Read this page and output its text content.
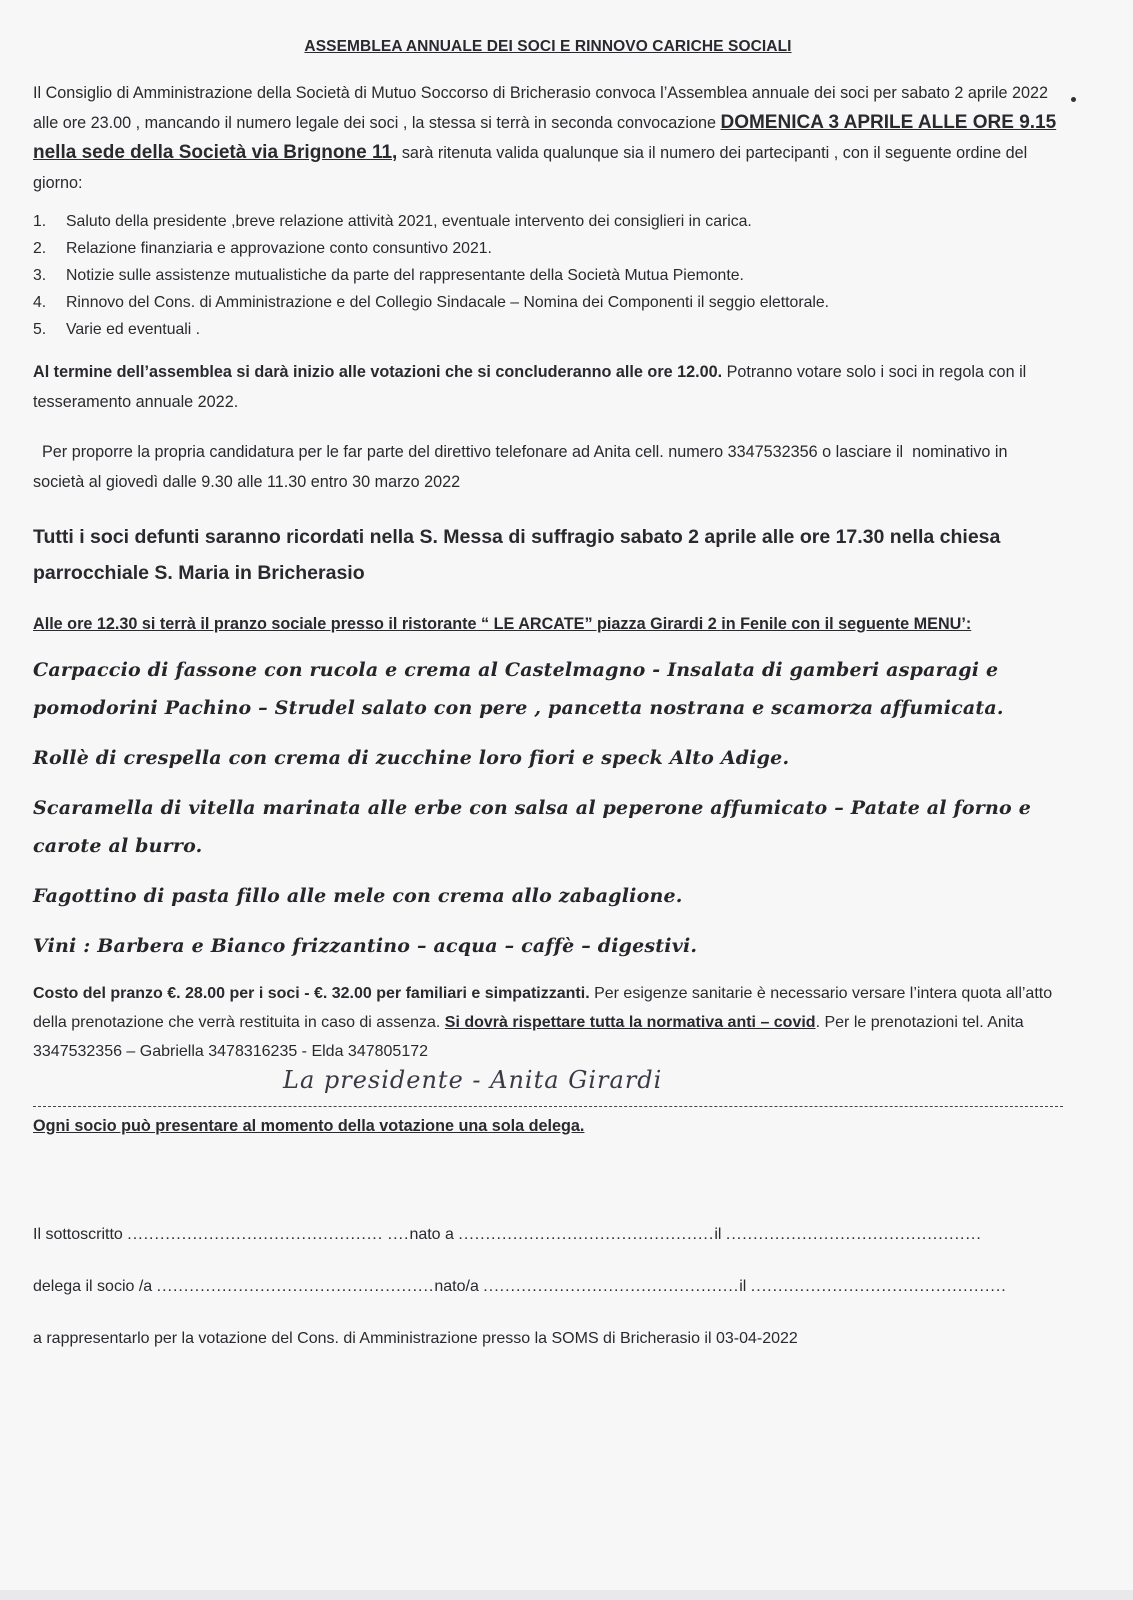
ASSEMBLEA ANNUALE DEI SOCI E RINNOVO CARICHE SOCIALI

Il Consiglio di Amministrazione della Società di Mutuo Soccorso di Bricherasio convoca l’Assemblea annuale dei soci per sabato 2 aprile 2022 alle ore 23.00 , mancando il numero legale dei soci , la stessa si terrà in seconda convocazione DOMENICA 3 APRILE ALLE ORE 9.15 nella sede della Società via Brignone 11, sarà ritenuta valida qualunque sia il numero dei partecipanti , con il seguente ordine del giorno:

1.	Saluto della presidente ,breve relazione attività 2021, eventuale intervento dei consiglieri in carica.
2.	Relazione finanziaria e approvazione conto consuntivo 2021.
3.	Notizie sulle assistenze mutualistiche da parte del rappresentante della Società Mutua Piemonte.
4.	Rinnovo del Cons. di Amministrazione e del Collegio Sindacale – Nomina dei Componenti il seggio elettorale.
5.	Varie ed eventuali .

Al termine dell’assemblea si darà inizio alle votazioni che si concluderanno alle ore 12.00. Potranno votare solo i soci in regola con il tesseramento annuale 2022.

Per proporre la propria candidatura per le far parte del direttivo telefonare ad Anita cell. numero 3347532356 o lasciare il  nominativo in società al giovedì dalle 9.30 alle 11.30 entro 30 marzo 2022

Tutti i soci defunti saranno ricordati nella S. Messa di suffragio sabato 2 aprile alle ore 17.30 nella chiesa parrocchiale S. Maria in Bricherasio

Alle ore 12.30 si terrà il pranzo sociale presso il ristorante “ LE ARCATE” piazza Girardi 2 in Fenile con il seguente MENU’:

Carpaccio di fassone con rucola e crema al Castelmagno - Insalata di gamberi asparagi e pomodorini Pachino – Strudel salato con pere , pancetta nostrana e scamorza affumicata.

Rollè di crespella con crema di zucchine loro fiori e speck Alto Adige.

Scaramella di vitella marinata alle erbe con salsa al peperone affumicato – Patate al forno e carote al burro.

Fagottino di pasta fillo alle mele con crema allo zabaglione.

Vini : Barbera e Bianco frizzantino – acqua – caffè – digestivi.

Costo del pranzo €. 28.00 per i soci - €. 32.00 per familiari e simpatizzanti. Per esigenze sanitarie è necessario versare l’intera quota all’atto della prenotazione che verrà restituita in caso di assenza. Si dovrà rispettare tutta la normativa anti – covid. Per le prenotazioni tel. Anita 3347532356 – Gabriella 3478316235 - Elda 347805172

La presidente - Anita Girardi

Ogni socio può presentare al momento della votazione una sola delega.

Il sottoscritto ............................................... ....nato a ...............................................il ...............................................

delega il socio /a ...................................................nato/a ...............................................il ...............................................

a rappresentarlo per la votazione del Cons. di Amministrazione presso la SOMS di Bricherasio il 03-04-2022
